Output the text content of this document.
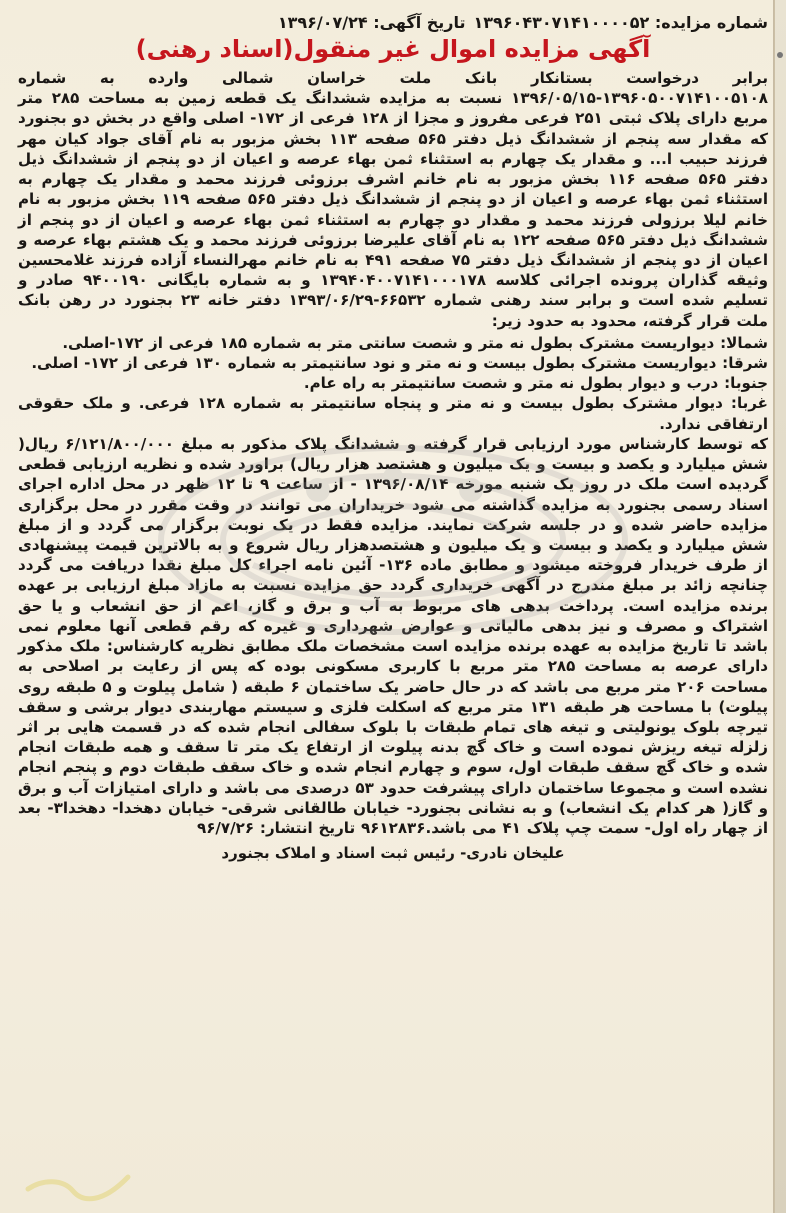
شماره مزایده: ۱۳۹۶۰۴۳۰۷۱۴۱۰۰۰۰۵۲
تاریخ آگهی: ۱۳۹۶/۰۷/۲۴
آگهی مزایده اموال غیر منقول(اسناد رهنی)

برابر درخواست بستانکار بانک ملت خراسان شمالی وارده به شماره ۱۳۹۶۰۵۰۰۷۱۴۱۰۰۵۱۰۸-۱۳۹۶/۰۵/۱۵ نسبت به مزایده ششدانگ یک قطعه زمین به مساحت ۲۸۵ متر مربع دارای پلاک ثبتی ۲۵۱ فرعی مفروز و مجزا از ۱۲۸ فرعی از ۱۷۲- اصلی واقع در بخش دو بجنورد که مقدار سه پنجم از ششدانگ ذیل دفتر ۵۶۵ صفحه ۱۱۳ بخش مزبور به نام آقای جواد کیان مهر فرزند حبیب ا... و مقدار یک چهارم به استثناء ثمن بهاء عرصه و اعیان از دو پنجم از ششدانگ ذیل دفتر ۵۶۵ صفحه ۱۱۶ بخش مزبور به نام خانم اشرف برزوئی فرزند محمد و مقدار یک چهارم به استثناء ثمن بهاء عرصه و اعیان از دو پنجم از ششدانگ ذیل دفتر ۵۶۵ صفحه ۱۱۹ بخش مزبور به نام خانم لیلا برزولی فرزند محمد و مقدار دو چهارم به استثناء ثمن بهاء عرصه و اعیان از دو پنجم از ششدانگ ذیل دفتر ۵۶۵ صفحه ۱۲۲ به نام آقای علیرضا برزوئی فرزند محمد و یک هشتم بهاء عرصه و اعیان از دو پنجم از ششدانگ ذیل دفتر ۷۵ صفحه ۴۹۱ به نام خانم مهرالنساء آزاده فرزند غلامحسین وثیقه گذاران پرونده اجرائی کلاسه ۱۳۹۴۰۴۰۰۷۱۴۱۰۰۰۱۷۸ و به شماره بایگانی ۹۴۰۰۱۹۰ صادر و تسلیم شده است و برابر سند رهنی شماره ۶۶۵۳۲-۱۳۹۳/۰۶/۲۹ دفتر خانه ۲۳ بجنورد در رهن بانک ملت قرار گرفته، محدود به حدود زیر:

شمالا: دیواریست مشترک بطول نه متر و شصت سانتی متر به شماره ۱۸۵ فرعی از ۱۷۲-اصلی.

شرقا: دیواریست مشترک بطول بیست و نه متر و نود سانتیمتر به شماره ۱۳۰ فرعی از ۱۷۲- اصلی.

جنوبا: درب و دیوار بطول نه متر و شصت سانتیمتر به راه عام.

غربا: دیوار مشترک بطول بیست و نه متر و پنجاه سانتیمتر به شماره ۱۲۸ فرعی. و ملک حقوقی ارتفاقی ندارد.

که توسط کارشناس مورد ارزیابی قرار گرفته و ششدانگ پلاک مذکور به مبلغ ۶/۱۲۱/۸۰۰/۰۰۰ ریال( شش میلیارد و یکصد و بیست و یک میلیون و هشتصد هزار ریال) براورد شده و نظریه ارزیابی قطعی گردیده است ملک در روز یک شنبه مورخه ۱۳۹۶/۰۸/۱۴ - از ساعت ۹ تا ۱۲ ظهر در محل اداره اجرای اسناد رسمی بجنورد به مزایده گذاشته می شود خریداران می توانند در وقت مقرر در محل برگزاری مزایده حاضر شده و در جلسه شرکت نمایند. مزایده فقط در یک نوبت برگزار می گردد و از مبلغ شش میلیارد و یکصد و بیست و یک میلیون و هشتصدهزار ریال شروع و به بالاترین قیمت پیشنهادی از طرف خریدار فروخته میشود و مطابق ماده ۱۳۶- آئین نامه اجراء کل مبلغ نقدا دریافت می گردد چنانچه زائد بر مبلغ مندرج در آگهی خریداری گردد حق مزایده نسبت به مازاد مبلغ ارزیابی بر عهده برنده مزایده است. پرداخت بدهی های مربوط به آب و برق و گاز، اعم از حق انشعاب و یا حق اشتراک و مصرف و نیز بدهی مالیاتی و عوارض شهرداری و غیره که رقم قطعی آنها معلوم نمی باشد تا تاریخ مزایده به عهده برنده مزایده است مشخصات ملک مطابق نظریه کارشناس: ملک مذکور دارای عرصه به مساحت ۲۸۵ متر مربع با کاربری مسکونی بوده که پس از رعایت بر اصلاحی به مساحت ۲۰۶ متر مربع می باشد که در حال حاضر یک ساختمان ۶ طبقه ( شامل پیلوت و ۵ طبقه روی پیلوت) با مساحت هر طبقه ۱۳۱ متر مربع که اسکلت فلزی و سیستم مهاربندی دیوار برشی و سقف تیرچه بلوک یونولیتی و تیغه های تمام طبقات با بلوک سفالی انجام شده که در قسمت هایی بر اثر زلزله تیغه ریزش نموده است و خاک گچ بدنه پیلوت از ارتفاع یک متر تا سقف و همه طبقات انجام شده و خاک گچ سقف طبقات اول، سوم و چهارم انجام شده و خاک سقف طبقات دوم و پنجم انجام نشده است و مجموعا ساختمان دارای پیشرفت حدود ۵۳ درصدی می باشد و دارای امتیازات آب و برق و گاز( هر کدام یک انشعاب) و به نشانی بجنورد- خیابان طالقانی شرقی- خیابان دهخدا- دهخدا۳- بعد از چهار راه اول- سمت چپ پلاک ۴۱ می باشد.۹۶۱۲۸۳۶ تاریخ انتشار: ۹۶/۷/۲۶

علیخان نادری- رئیس ثبت اسناد و املاک بجنورد
